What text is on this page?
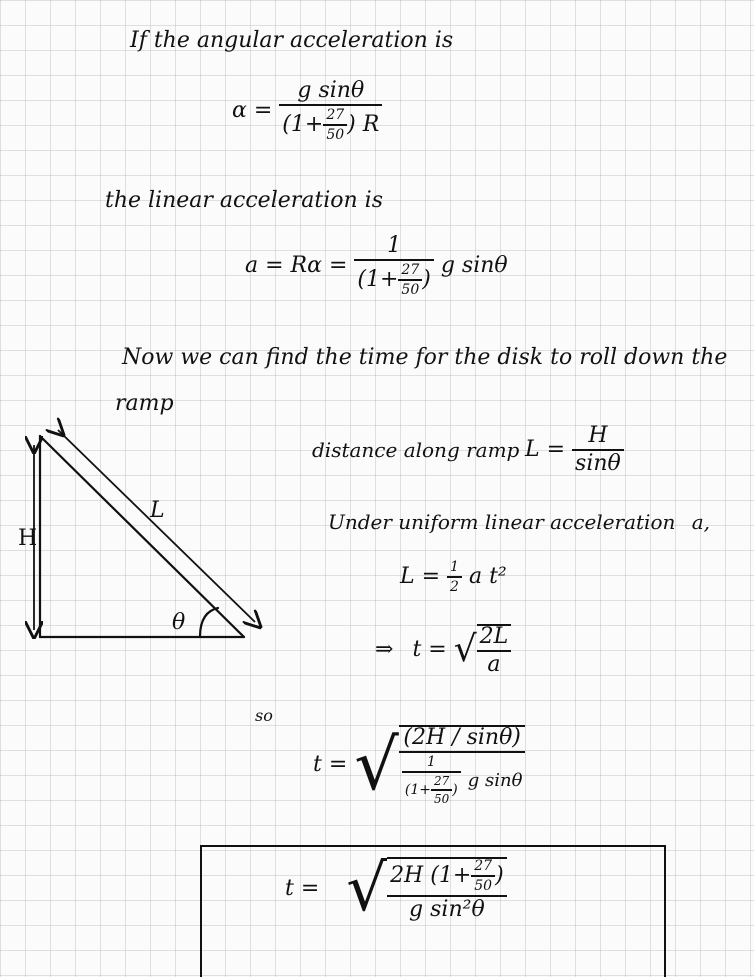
If the angular acceleration is
$\alpha = \frac{\text{g sinθ}}{(1+ \frac{27}{50} ) R}$
the linear acceleration is
$a = R\alpha = \frac{1}{(1+ \frac{27}{50} )}$ g sinθ
Now we can find the time for the disk to roll down the
ramp
H
L
θ
distance along ramp $L = \frac{H}{\sin\theta}$
Under uniform linear acceleration a,
$L = \frac{1}{2}$ a t²
⇒ t = √ $\frac{2L}{a}$
so
t = √ $\frac{(2H / \sin\theta)}{\frac{1}{(1+ \frac{27}{50} )} g \sin\theta}$
t = √ $\frac{2H (1+ \frac{27}{50} )}{\text{g sin²θ}}$
